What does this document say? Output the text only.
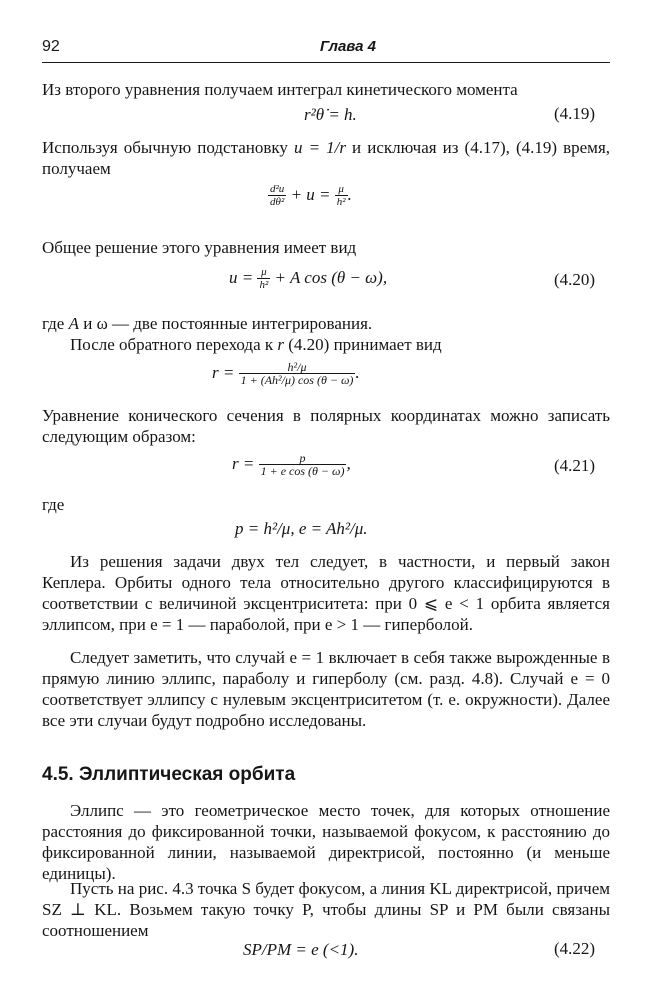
92	Глава 4
Из второго уравнения получаем интеграл кинетического момента
r²θ̇ = h.	(4.19)
Используя обычную подстановку u = 1/r и исключая из (4.17), (4.19) время, получаем
$\frac{\text{d²u}}{\text{dθ²}} + u = \frac{\mu}{\text{h²}}$ .
Общее решение этого уравнения имеет вид
$u = \frac{\mu}{\text{h²}} + A$ cos (θ − ω),	(4.20)
где A и ω — две постоянные интегрирования.
После обратного перехода к r (4.20) принимает вид
$r = \frac{\text{h²/μ}}{\text{1 + (Ah²/μ) cos (θ − ω)}}$ .
Уравнение конического сечения в полярных координатах можно записать следующим образом:
$r = \frac{p}{\text{1 + e cos (θ − ω)}}$ ,	(4.21)
где
p = h²/μ, e = Ah²/μ.
Из решения задачи двух тел следует, в частности, и первый закон Кеплера. Орбиты одного тела относительно другого классифицируются в соответствии с величиной эксцентриситета: при 0 ⩽ e < 1 орбита является эллипсом, при e = 1 — параболой, при e > 1 — гиперболой.
Следует заметить, что случай e = 1 включает в себя также вырожденные в прямую линию эллипс, параболу и гиперболу (см. разд. 4.8). Случай e = 0 соответствует эллипсу с нулевым эксцентриситетом (т. е. окружности). Далее все эти случаи будут подробно исследованы.
4.5. Эллиптическая орбита
Эллипс — это геометрическое место точек, для которых отношение расстояния до фиксированной точки, называемой фокусом, к расстоянию до фиксированной линии, называемой директрисой, постоянно (и меньше единицы).
Пусть на рис. 4.3 точка S будет фокусом, а линия KL директрисой, причем SZ ⊥ KL. Возьмем такую точку P, чтобы длины SP и PM были связаны соотношением
SP/PM = e (<1).	(4.22)
